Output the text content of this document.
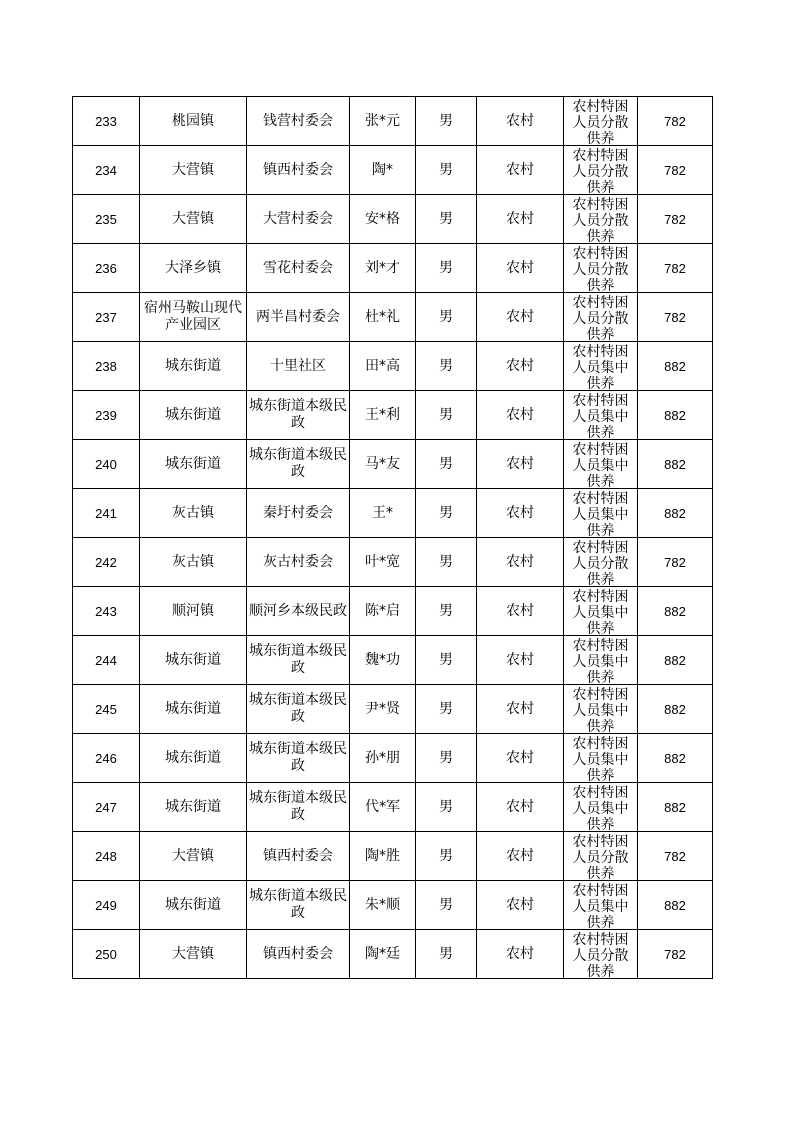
233	桃园镇	钱营村委会	张*元	男	农村	农村特困人员分散供养	782
234	大营镇	镇西村委会	陶*	男	农村	农村特困人员分散供养	782
235	大营镇	大营村委会	安*格	男	农村	农村特困人员分散供养	782
236	大泽乡镇	雪花村委会	刘*才	男	农村	农村特困人员分散供养	782
237	宿州马鞍山现代产业园区	两半昌村委会	杜*礼	男	农村	农村特困人员分散供养	782
238	城东街道	十里社区	田*高	男	农村	农村特困人员集中供养	882
239	城东街道	城东街道本级民政	王*利	男	农村	农村特困人员集中供养	882
240	城东街道	城东街道本级民政	马*友	男	农村	农村特困人员集中供养	882
241	灰古镇	秦圩村委会	王*	男	农村	农村特困人员集中供养	882
242	灰古镇	灰古村委会	叶*宽	男	农村	农村特困人员分散供养	782
243	顺河镇	顺河乡本级民政	陈*启	男	农村	农村特困人员集中供养	882
244	城东街道	城东街道本级民政	魏*功	男	农村	农村特困人员集中供养	882
245	城东街道	城东街道本级民政	尹*贤	男	农村	农村特困人员集中供养	882
246	城东街道	城东街道本级民政	孙*朋	男	农村	农村特困人员集中供养	882
247	城东街道	城东街道本级民政	代*军	男	农村	农村特困人员集中供养	882
248	大营镇	镇西村委会	陶*胜	男	农村	农村特困人员分散供养	782
249	城东街道	城东街道本级民政	朱*顺	男	农村	农村特困人员集中供养	882
250	大营镇	镇西村委会	陶*廷	男	农村	农村特困人员分散供养	782
